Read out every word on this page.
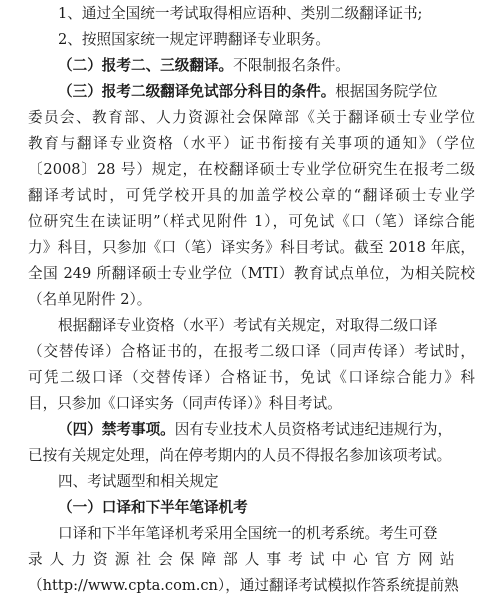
1、通过全国统一考试取得相应语种、类别二级翻译证书;
2、按照国家统一规定评聘翻译专业职务。
（二）报考二、三级翻译。不限制报名条件。
（三）报考二级翻译免试部分科目的条件。根据国务院学位
委员会、教育部、人力资源社会保障部《关于翻译硕士专业学位
教育与翻译专业资格（水平）证书衔接有关事项的通知》（学位
〔2008〕28 号）规定，在校翻译硕士专业学位研究生在报考二级
翻译考试时，可凭学校开具的加盖学校公章的“翻译硕士专业学
位研究生在读证明”（样式见附件 1），可免试《口（笔）译综合能
力》科目，只参加《口（笔）译实务》科目考试。截至 2018 年底，
全国 249 所翻译硕士专业学位（MTI）教育试点单位，为相关院校
（名单见附件 2）。
根据翻译专业资格（水平）考试有关规定，对取得二级口译
（交替传译）合格证书的，在报考二级口译（同声传译）考试时，
可凭二级口译（交替传译）合格证书，免试《口译综合能力》科
目，只参加《口译实务（同声传译）》科目考试。
（四）禁考事项。因有专业技术人员资格考试违纪违规行为，
已按有关规定处理，尚在停考期内的人员不得报名参加该项考试。
四、考试题型和相关规定
（一）口译和下半年笔译机考
口译和下半年笔译机考采用全国统一的机考系统。考生可登
录人力资源社会保障部人事考试中心官方网站
（http://www.cpta.com.cn），通过翻译考试模拟作答系统提前熟
